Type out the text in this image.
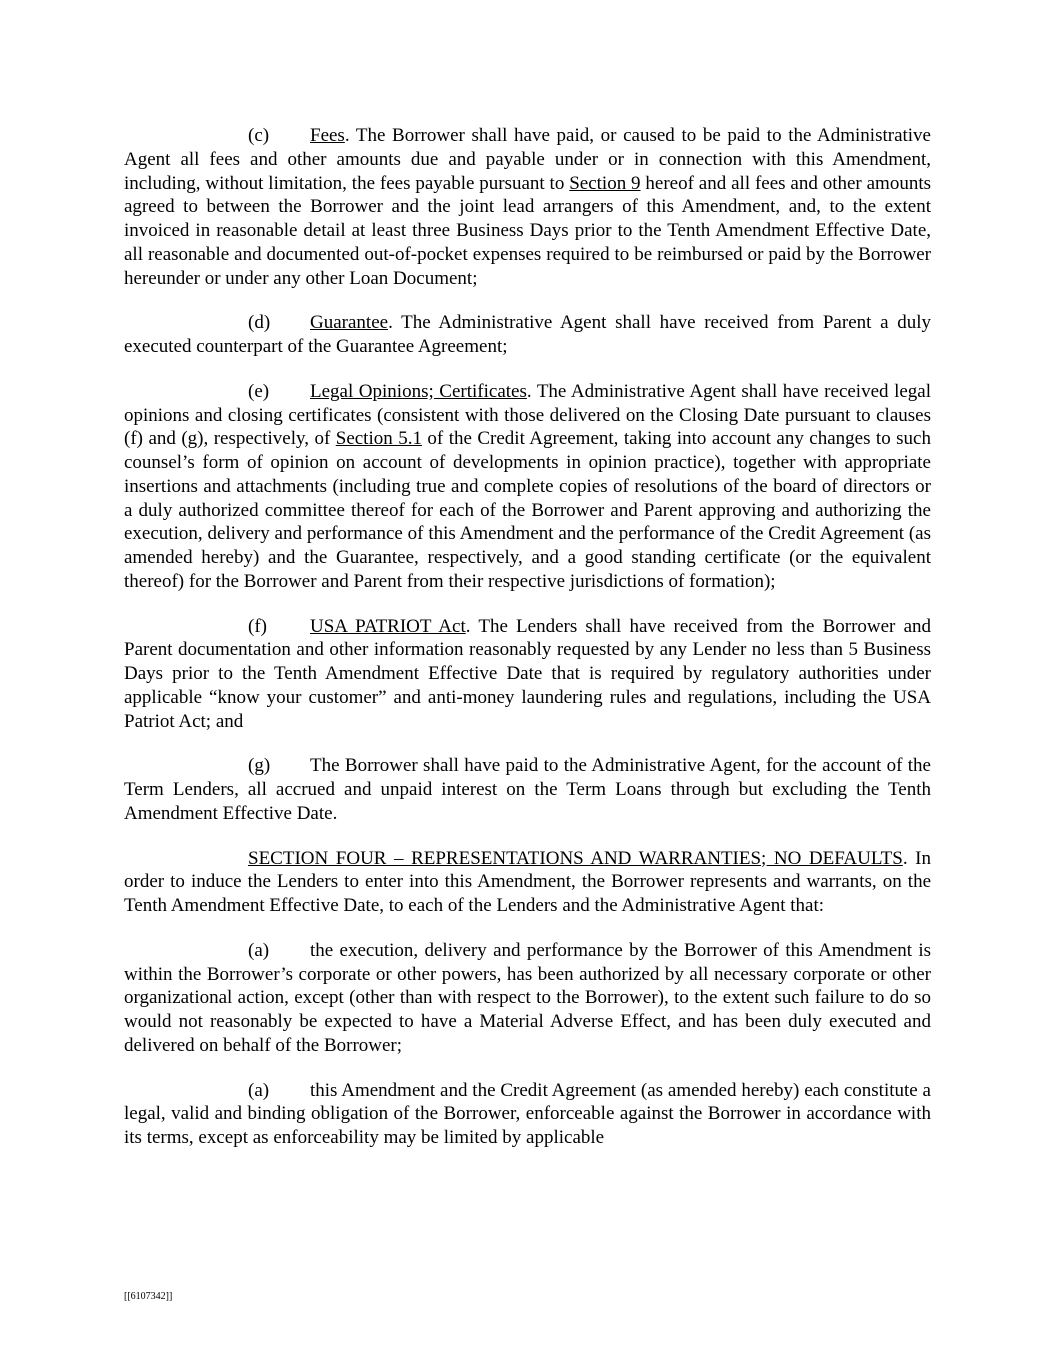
(c) Fees. The Borrower shall have paid, or caused to be paid to the Administrative Agent all fees and other amounts due and payable under or in connection with this Amendment, including, without limitation, the fees payable pursuant to Section 9 hereof and all fees and other amounts agreed to between the Borrower and the joint lead arrangers of this Amendment, and, to the extent invoiced in reasonable detail at least three Business Days prior to the Tenth Amendment Effective Date, all reasonable and documented out-of-pocket expenses required to be reimbursed or paid by the Borrower hereunder or under any other Loan Document;

(d) Guarantee. The Administrative Agent shall have received from Parent a duly executed counterpart of the Guarantee Agreement;

(e) Legal Opinions; Certificates. The Administrative Agent shall have received legal opinions and closing certificates (consistent with those delivered on the Closing Date pursuant to clauses (f) and (g), respectively, of Section 5.1 of the Credit Agreement, taking into account any changes to such counsel’s form of opinion on account of developments in opinion practice), together with appropriate insertions and attachments (including true and complete copies of resolutions of the board of directors or a duly authorized committee thereof for each of the Borrower and Parent approving and authorizing the execution, delivery and performance of this Amendment and the performance of the Credit Agreement (as amended hereby) and the Guarantee, respectively, and a good standing certificate (or the equivalent thereof) for the Borrower and Parent from their respective jurisdictions of formation);

(f) USA PATRIOT Act. The Lenders shall have received from the Borrower and Parent documentation and other information reasonably requested by any Lender no less than 5 Business Days prior to the Tenth Amendment Effective Date that is required by regulatory authorities under applicable “know your customer” and anti-money laundering rules and regulations, including the USA Patriot Act; and

(g) The Borrower shall have paid to the Administrative Agent, for the account of the Term Lenders, all accrued and unpaid interest on the Term Loans through but excluding the Tenth Amendment Effective Date.

SECTION FOUR – REPRESENTATIONS AND WARRANTIES; NO DEFAULTS. In order to induce the Lenders to enter into this Amendment, the Borrower represents and warrants, on the Tenth Amendment Effective Date, to each of the Lenders and the Administrative Agent that:

(a) the execution, delivery and performance by the Borrower of this Amendment is within the Borrower’s corporate or other powers, has been authorized by all necessary corporate or other organizational action, except (other than with respect to the Borrower), to the extent such failure to do so would not reasonably be expected to have a Material Adverse Effect, and has been duly executed and delivered on behalf of the Borrower;

(a) this Amendment and the Credit Agreement (as amended hereby) each constitute a legal, valid and binding obligation of the Borrower, enforceable against the Borrower in accordance with its terms, except as enforceability may be limited by applicable

[[6107342]]
